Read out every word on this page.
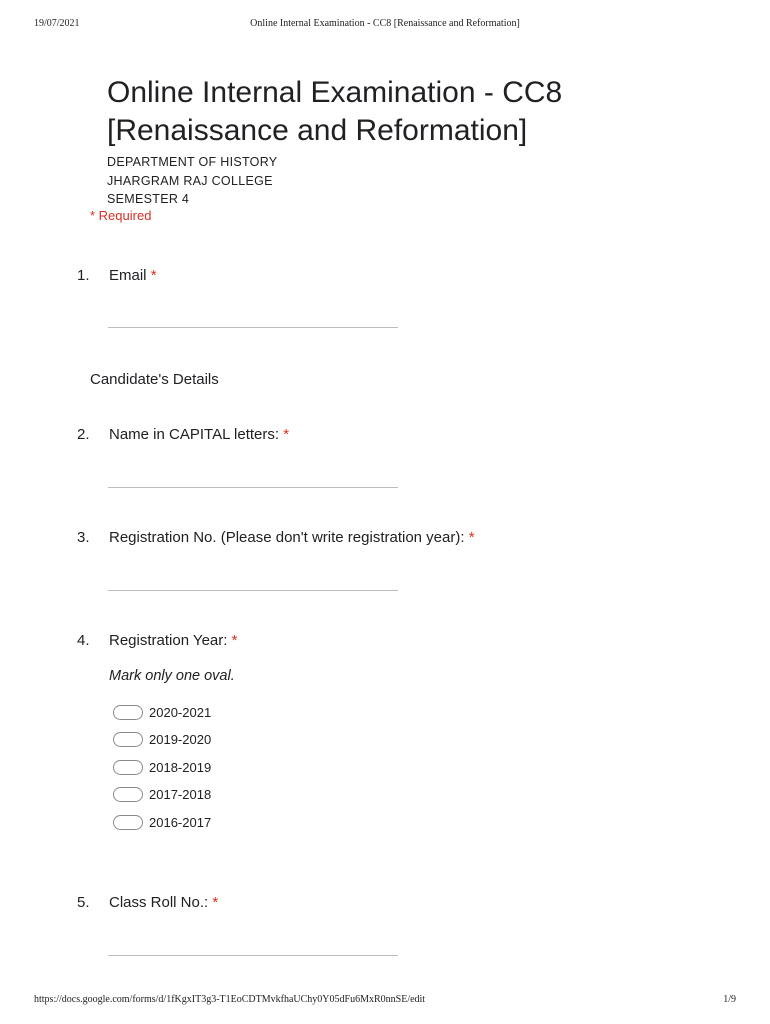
19/07/2021	Online Internal Examination - CC8 [Renaissance and Reformation]
Online Internal Examination - CC8
[Renaissance and Reformation]
DEPARTMENT OF HISTORY
JHARGRAM RAJ COLLEGE
SEMESTER 4
* Required
1. Email *
Candidate's Details
2. Name in CAPITAL letters: *
3. Registration No. (Please don't write registration year): *
4. Registration Year: *
Mark only one oval.
2020-2021
2019-2020
2018-2019
2017-2018
2016-2017
5. Class Roll No.: *
https://docs.google.com/forms/d/1fKgxIT3g3-T1EoCDTMvkfhaUChy0Y05dFu6MxR0nnSE/edit	1/9
